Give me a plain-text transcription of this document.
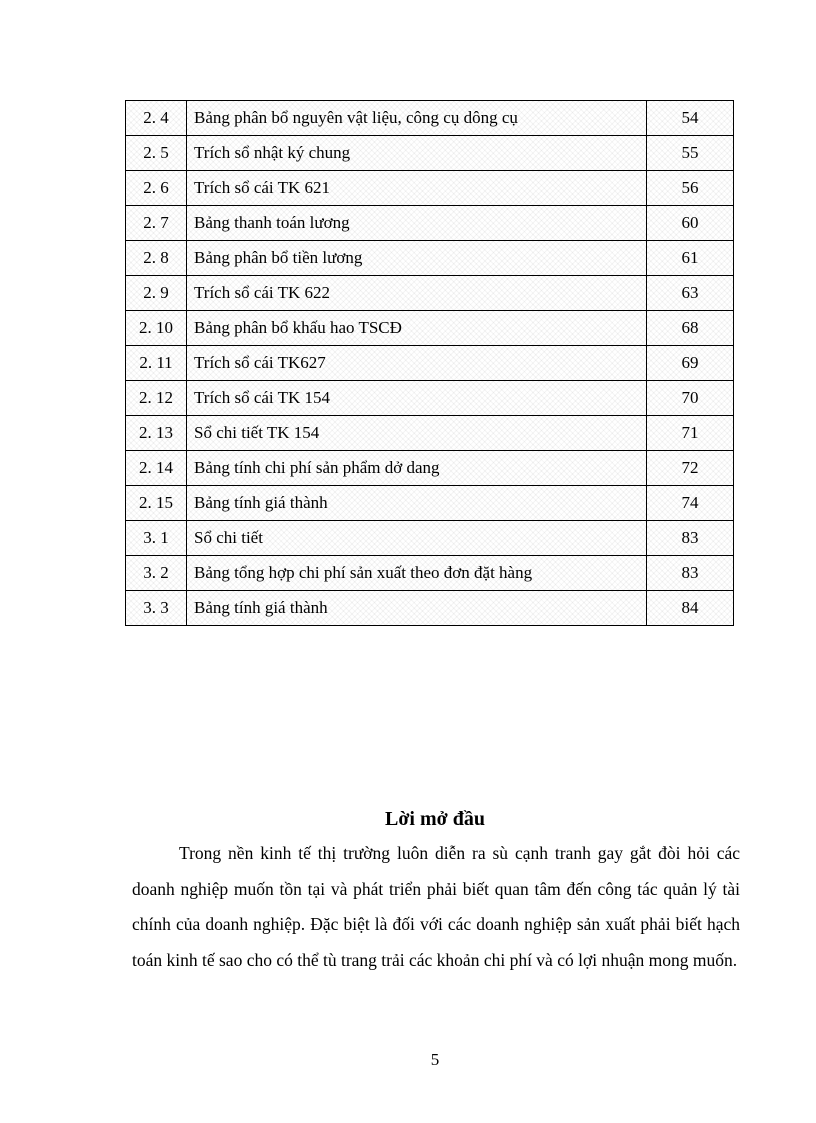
2. 4	Bảng phân bổ nguyên vật liệu, công cụ dông cụ	54
2. 5	Trích sổ nhật ký chung	55
2. 6	Trích sổ cái TK 621	56
2. 7	Bảng thanh toán lương	60
2. 8	Bảng phân bổ tiền lương	61
2. 9	Trích sổ cái TK 622	63
2. 10	Bảng phân bổ khấu hao TSCĐ	68
2. 11	Trích sổ cái TK627	69
2. 12	Trích sổ cái TK 154	70
2. 13	Sổ chi tiết TK 154	71
2. 14	Bảng tính chi phí sản phẩm dở dang	72
2. 15	Bảng tính giá thành	74
3. 1	Sổ chi tiết	83
3. 2	Bảng tổng hợp chi phí sản xuất theo đơn đặt hàng	83
3. 3	Bảng tính giá thành	84
Lời mở đầu

Trong nền kinh tế thị trường luôn diễn ra sù cạnh tranh gay gắt đòi hỏi các doanh nghiệp muốn tồn tại và phát triển phải biết quan tâm đến công tác quản lý tài chính của doanh nghiệp. Đặc biệt là đối với các doanh nghiệp sản xuất phải biết hạch toán kinh tế sao cho có thể tù trang trải các khoản chi phí và có lợi nhuận mong muốn.

5
